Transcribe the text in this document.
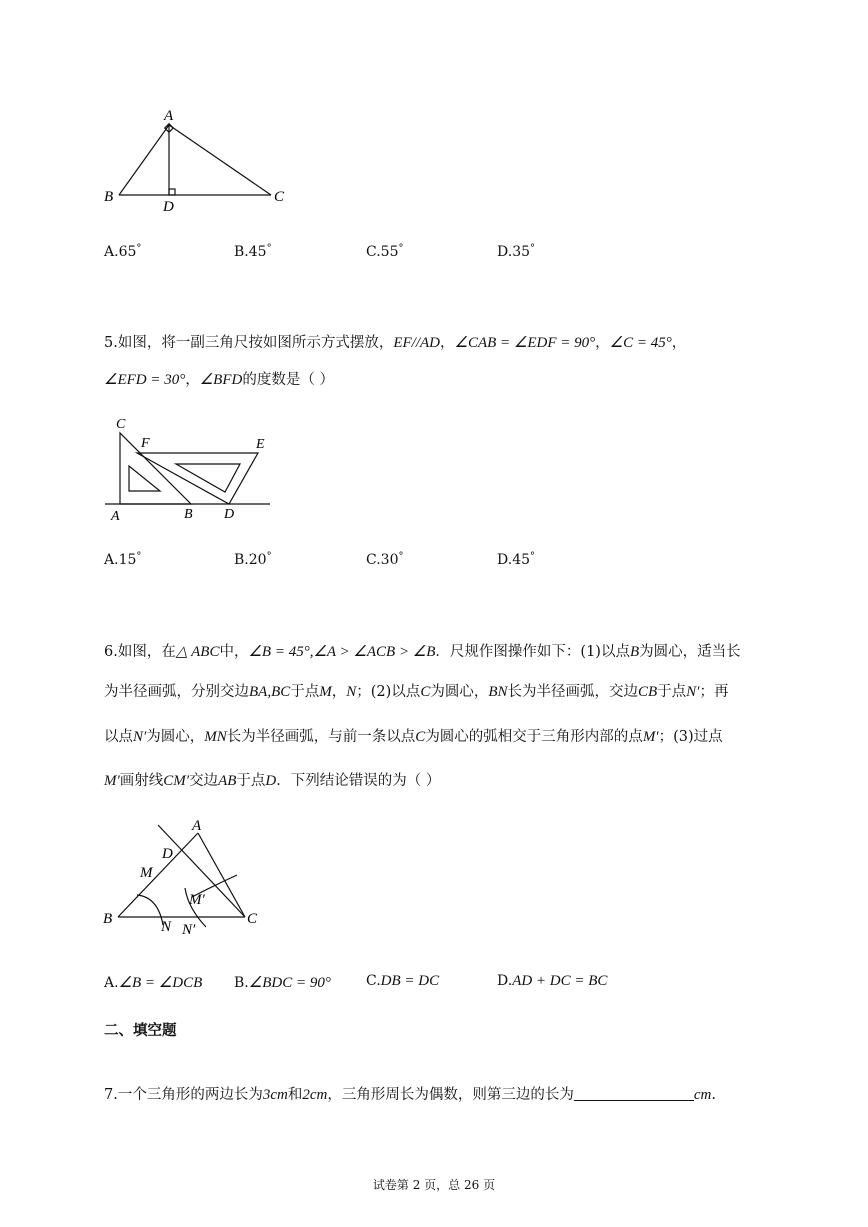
A
B
D
C
A.65°	B.45°	C.55°	D.35°
5.如图，将一副三角尺按如图所示方式摆放，EF//AD，∠CAB = ∠EDF = 90°，∠C = 45°，
∠EFD = 30°，∠BFD的度数是（ ）
C
F	E
A	B D
A.15°	B.20°	C.30°	D.45°
6.如图，在△ ABC中，∠B = 45°,∠A > ∠ACB > ∠B．尺规作图操作如下：(1)以点B为圆心，适当长
为半径画弧，分别交边BA,BC于点M，N；(2)以点C为圆心，BN长为半径画弧，交边CB于点N′；再
以点N′为圆心，MN长为半径画弧，与前一条以点C为圆心的弧相交于三角形内部的点M′；(3)过点
M′画射线CM′交边AB于点D．下列结论错误的为（ ）
A
D
M
M′
B	N N′
C
A.∠B = ∠DCB B.∠BDC = 90°	C.DB = DC	D.AD + DC = BC
二、填空题
7.一个三角形的两边长为3cm和2cm，三角形周长为偶数，则第三边的长为	cm.
试卷第 2 页，总 26 页
